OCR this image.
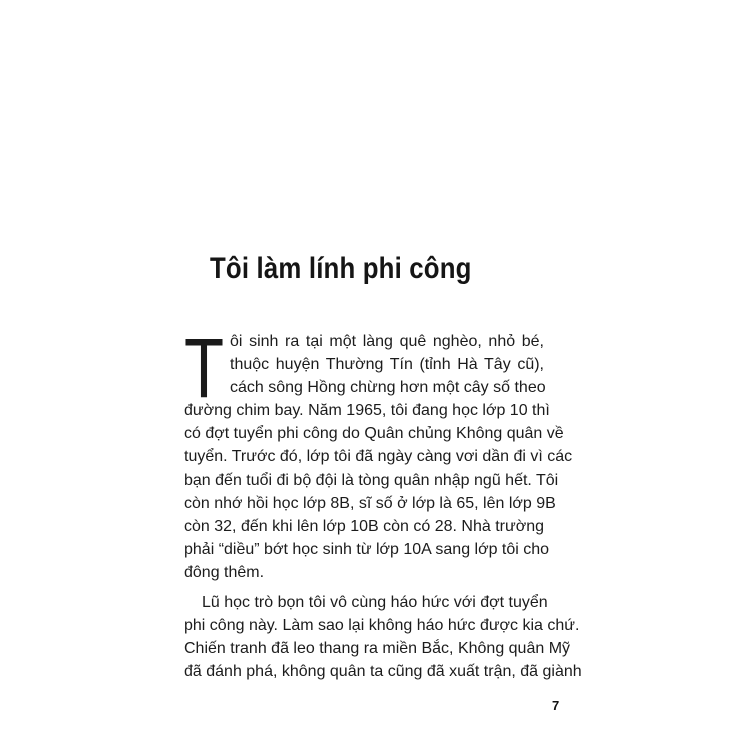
Tôi làm lính phi công
T ôi sinh ra tại một làng quê nghèo, nhỏ bé,
thuộc huyện Thường Tín (tỉnh Hà Tây cũ),
cách sông Hồng chừng hơn một cây số theo
đường chim bay. Năm 1965, tôi đang học lớp 10 thì
có đợt tuyển phi công do Quân chủng Không quân về
tuyển. Trước đó, lớp tôi đã ngày càng vơi dần đi vì các
bạn đến tuổi đi bộ đội là tòng quân nhập ngũ hết. Tôi
còn nhớ hồi học lớp 8B, sĩ số ở lớp là 65, lên lớp 9B
còn 32, đến khi lên lớp 10B còn có 28. Nhà trường
phải “diều” bớt học sinh từ lớp 10A sang lớp tôi cho
đông thêm.
Lũ học trò bọn tôi vô cùng háo hức với đợt tuyển
phi công này. Làm sao lại không háo hức được kia chứ.
Chiến tranh đã leo thang ra miền Bắc, Không quân Mỹ
đã đánh phá, không quân ta cũng đã xuất trận, đã giành
7
